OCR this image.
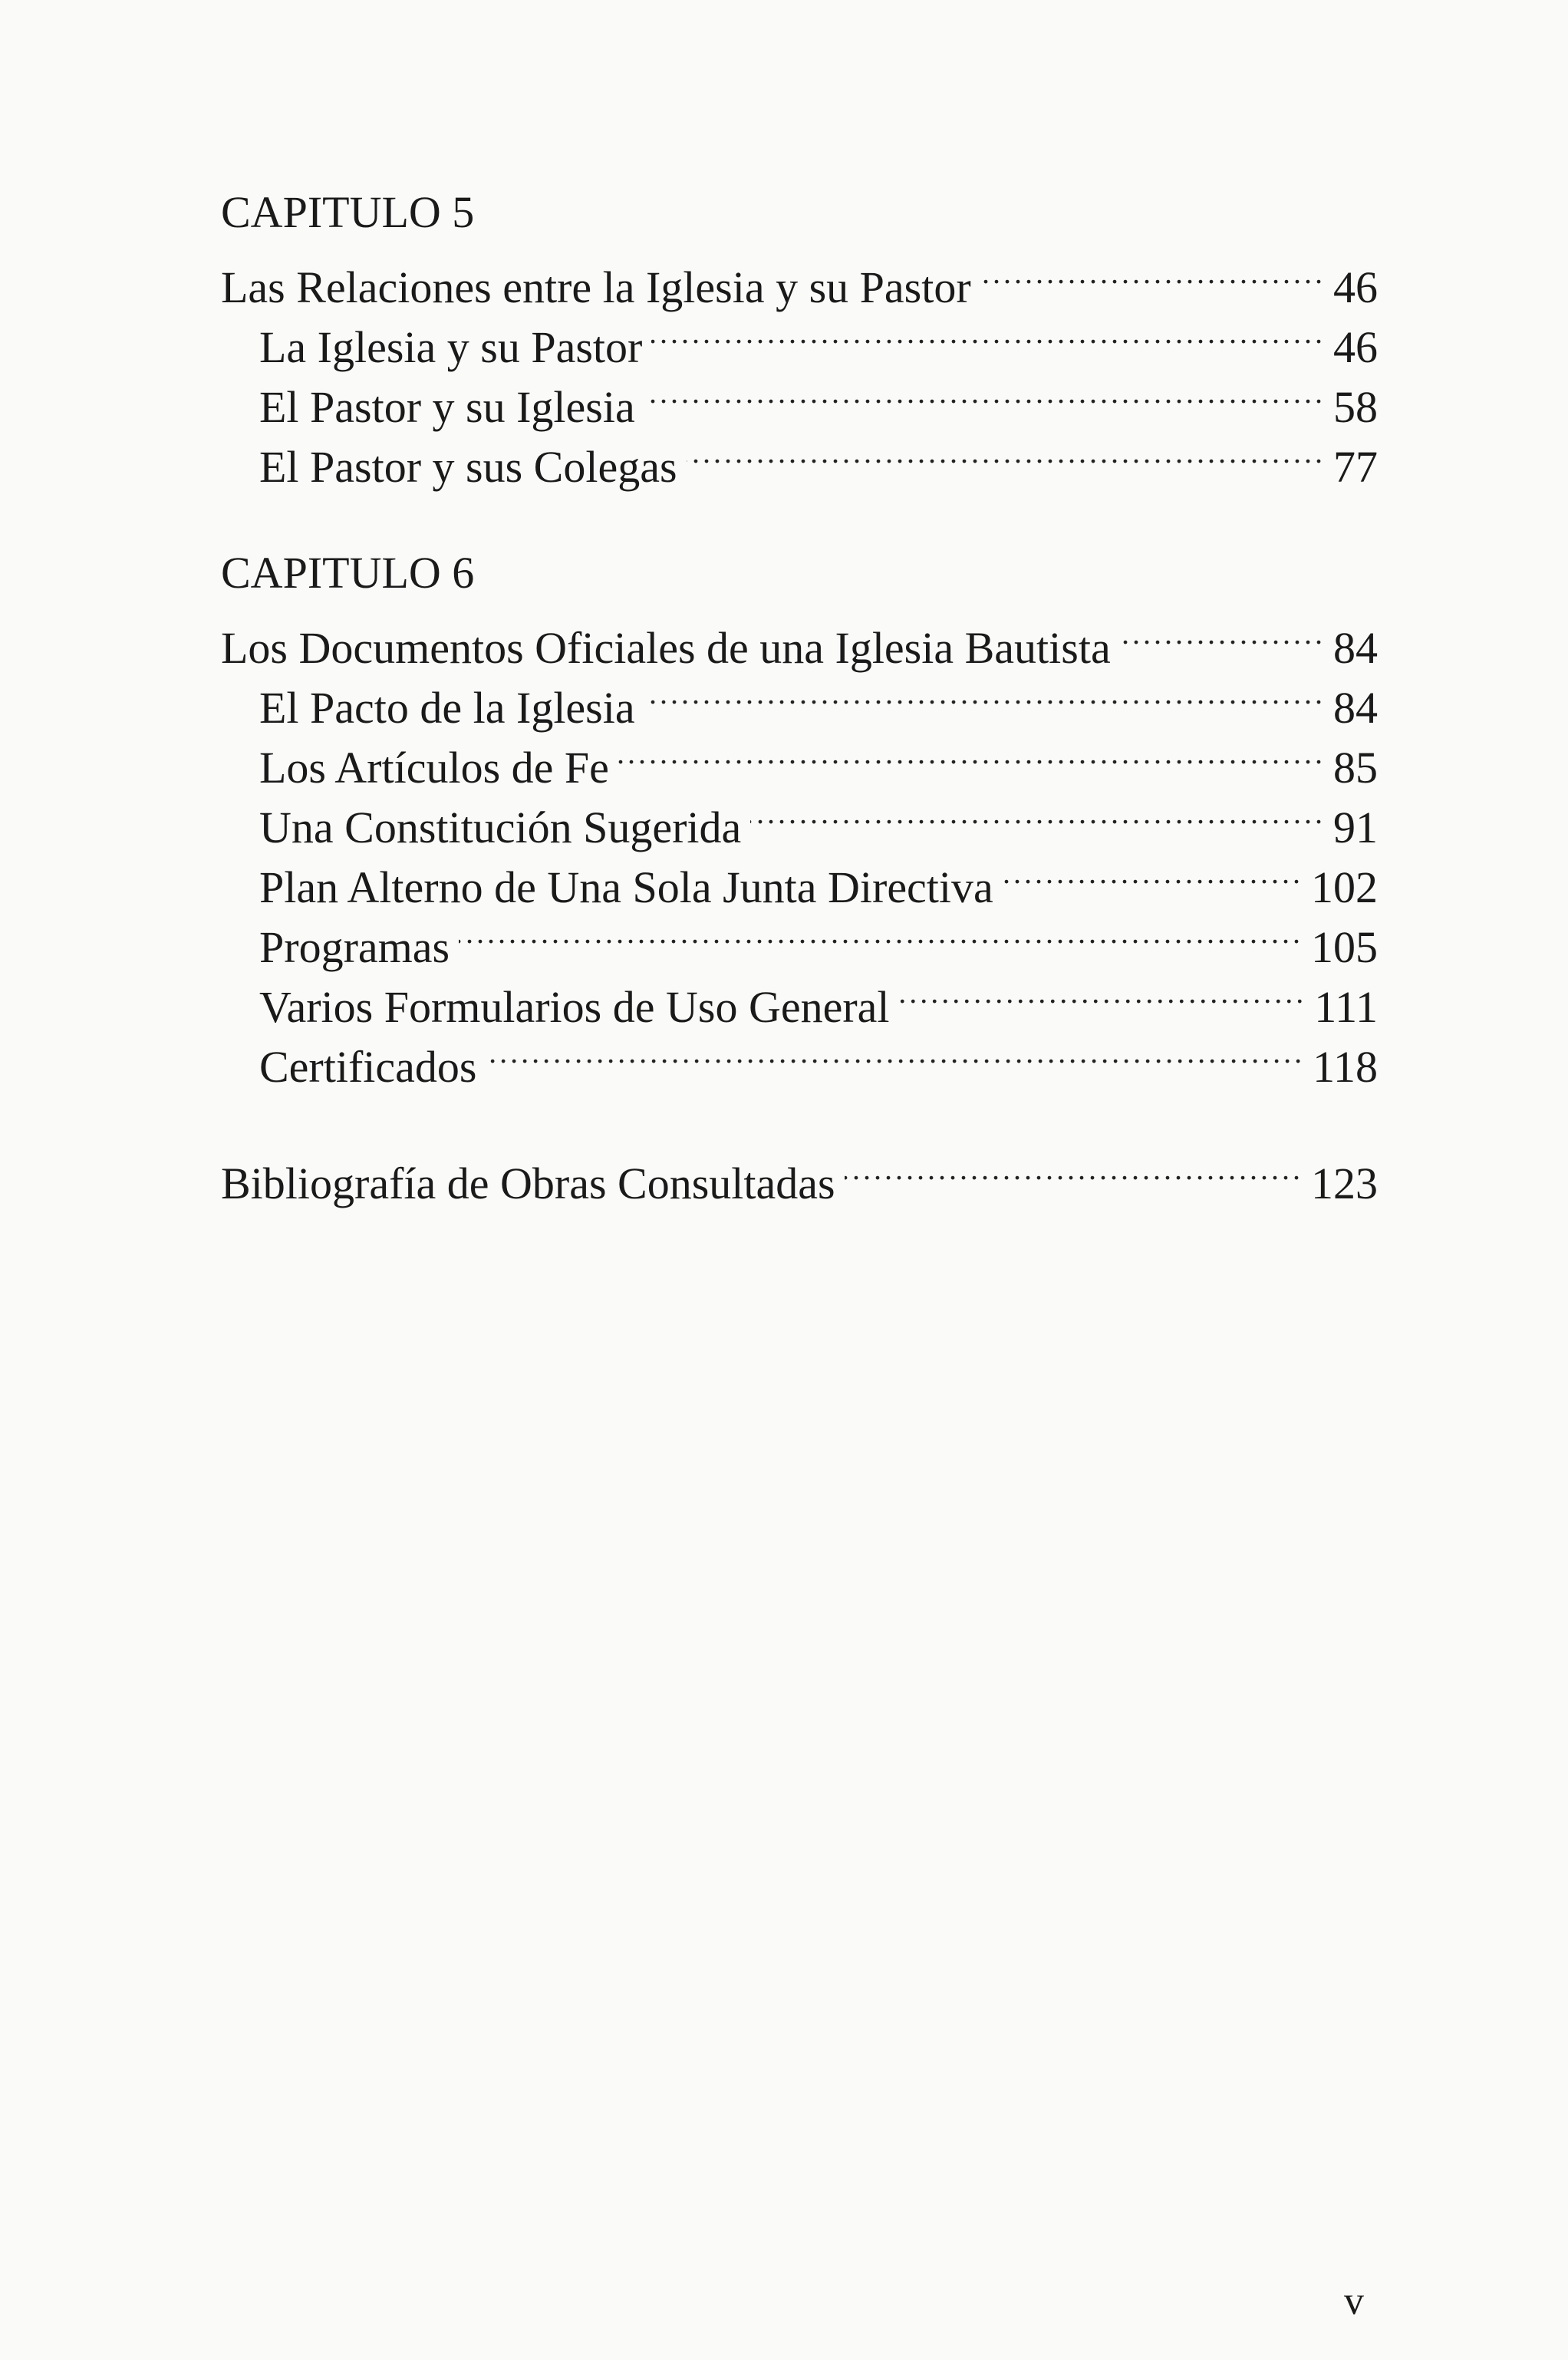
CAPITULO 5
Las Relaciones entre la Iglesia y su Pastor .....	46
La Iglesia y su Pastor .....	46
El Pastor y su Iglesia .....	58
El Pastor y sus Colegas .....	77
CAPITULO 6
Los Documentos Oficiales de una Iglesia Bautista .....	84
El Pacto de la Iglesia .....	84
Los Artículos de Fe .....	85
Una Constitución Sugerida .....	91
Plan Alterno de Una Sola Junta Directiva .....	102
Programas .....	105
Varios Formularios de Uso General .....	111
Certificados .....	118
Bibliografía de Obras Consultadas .....	123
v
